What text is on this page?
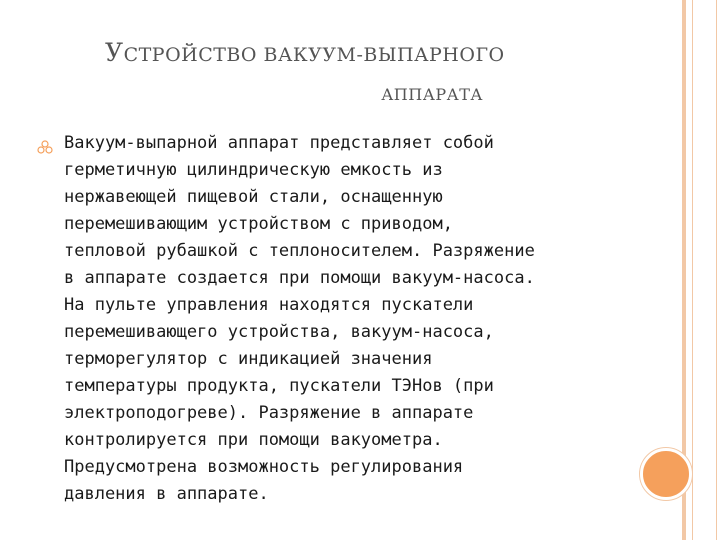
УСТРОЙСТВО ВАКУУМ-ВЫПАРНОГО
АППАРАТА
Вакуум-выпарной аппарат представляет собой
герметичную цилиндрическую емкость из
нержавеющей пищевой стали, оснащенную
перемешивающим устройством с приводом,
тепловой рубашкой с теплоносителем. Разряжение
в аппарате создается при помощи вакуум-насоса.
На пульте управления находятся пускатели
перемешивающего устройства, вакуум-насоса,
терморегулятор с индикацией значения
температуры продукта, пускатели ТЭНов (при
электроподогреве). Разряжение в аппарате
контролируется при помощи вакуометра.
Предусмотрена возможность регулирования
давления в аппарате.
